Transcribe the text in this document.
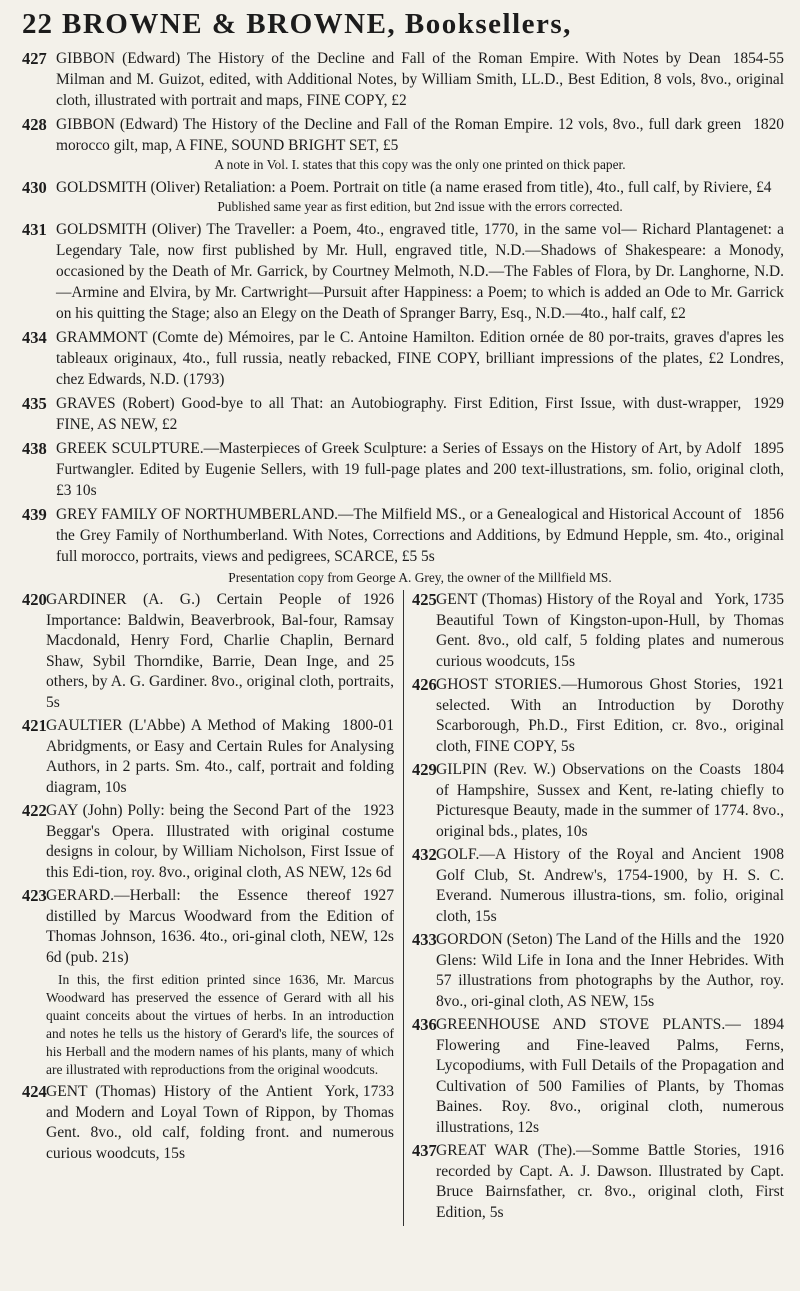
22 BROWNE & BROWNE, Booksellers,
427	1854-55
GIBBON (Edward) The History of the Decline and Fall of the Roman Empire. With Notes by Dean Milman and M. Guizot, edited, with Additional Notes, by William Smith, LL.D., Best Edition, 8 vols, 8vo., original cloth, illustrated with portrait and maps, FINE COPY, £2
428	1820
GIBBON (Edward) The History of the Decline and Fall of the Roman Empire. 12 vols, 8vo., full dark green morocco gilt, map, A FINE, SOUND BRIGHT SET, £5
A note in Vol. I. states that this copy was the only one printed on thick paper.
430 GOLDSMITH (Oliver) Retaliation: a Poem. Portrait on title (a name erased from title), 4to., full calf, by Riviere, £4
Published same year as first edition, but 2nd issue with the errors corrected.
431 GOLDSMITH (Oliver) The Traveller: a Poem, 4to., engraved title, 1770, in the same vol— Richard Plantagenet: a Legendary Tale, now first published by Mr. Hull, engraved title, N.D.—Shadows of Shakespeare: a Monody, occasioned by the Death of Mr. Garrick, by Courtney Melmoth, N.D.—The Fables of Flora, by Dr. Langhorne, N.D.—Armine and Elvira, by Mr. Cartwright—Pursuit after Happiness: a Poem; to which is added an Ode to Mr. Garrick on his quitting the Stage; also an Elegy on the Death of Spranger Barry, Esq., N.D.—4to., half calf, £2
434 GRAMMONT (Comte de) Mémoires, par le C. Antoine Hamilton. Edition ornée de 80 por-traits, graves d'apres les tableaux originaux, 4to., full russia, neatly rebacked, FINE COPY, brilliant impressions of the plates, £2 Londres, chez Edwards, N.D. (1793)
435	1929
GRAVES (Robert) Good-bye to all That: an Autobiography. First Edition, First Issue, with dust-wrapper, FINE, AS NEW, £2
438	1895
GREEK SCULPTURE.—Masterpieces of Greek Sculpture: a Series of Essays on the History of Art, by Adolf Furtwangler. Edited by Eugenie Sellers, with 19 full-page plates and 200 text-illustrations, sm. folio, original cloth, £3 10s
439	1856
GREY FAMILY OF NORTHUMBERLAND.—The Milfield MS., or a Genealogical and Historical Account of the Grey Family of Northumberland. With Notes, Corrections and Additions, by Edmund Hepple, sm. 4to., original full morocco, portraits, views and pedigrees, SCARCE, £5 5s
Presentation copy from George A. Grey, the owner of the Millfield MS.
420	1926
GARDINER (A. G.) Certain People of Importance: Baldwin, Beaverbrook, Bal-four, Ramsay Macdonald, Henry Ford, Charlie Chaplin, Bernard Shaw, Sybil Thorndike, Barrie, Dean Inge, and 25 others, by A. G. Gardiner. 8vo., original cloth, portraits, 5s
421	1800-01
GAULTIER (L'Abbe) A Method of Making Abridgments, or Easy and Certain Rules for Analysing Authors, in 2 parts. Sm. 4to., calf, portrait and folding diagram, 10s
422	1923
GAY (John) Polly: being the Second Part of the Beggar's Opera. Illustrated with original costume designs in colour, by William Nicholson, First Issue of this Edi-tion, roy. 8vo., original cloth, AS NEW, 12s 6d
423	1927
GERARD.—Herball: the Essence thereof distilled by Marcus Woodward from the Edition of Thomas Johnson, 1636. 4to., ori-ginal cloth, NEW, 12s 6d (pub. 21s)
In this, the first edition printed since 1636, Mr. Marcus Woodward has preserved the essence of Gerard with all his quaint conceits about the virtues of herbs. In an introduction and notes he tells us the history of Gerard's life, the sources of his Herball and the modern names of his plants, many of which are illustrated with reproductions from the original woodcuts.
424	York, 1733
GENT (Thomas) History of the Antient and Modern and Loyal Town of Rippon, by Thomas Gent. 8vo., old calf, folding front. and numerous curious woodcuts, 15s
425	York, 1735
GENT (Thomas) History of the Royal and Beautiful Town of Kingston-upon-Hull, by Thomas Gent. 8vo., old calf, 5 folding plates and numerous curious woodcuts, 15s
426	1921
GHOST STORIES.—Humorous Ghost Stories, selected. With an Introduction by Dorothy Scarborough, Ph.D., First Edition, cr. 8vo., original cloth, FINE COPY, 5s
429	1804
GILPIN (Rev. W.) Observations on the Coasts of Hampshire, Sussex and Kent, re-lating chiefly to Picturesque Beauty, made in the summer of 1774. 8vo., original bds., plates, 10s
432	1908
GOLF.—A History of the Royal and Ancient Golf Club, St. Andrew's, 1754-1900, by H. S. C. Everand. Numerous illustra-tions, sm. folio, original cloth, 15s
433	1920
GORDON (Seton) The Land of the Hills and the Glens: Wild Life in Iona and the Inner Hebrides. With 57 illustrations from photographs by the Author, roy. 8vo., ori-ginal cloth, AS NEW, 15s
436	1894
GREENHOUSE AND STOVE PLANTS.—Flowering and Fine-leaved Palms, Ferns, Lycopodiums, with Full Details of the Propagation and Cultivation of 500 Families of Plants, by Thomas Baines. Roy. 8vo., original cloth, numerous illustrations, 12s
437	1916
GREAT WAR (The).—Somme Battle Stories, recorded by Capt. A. J. Dawson. Illustrated by Capt. Bruce Bairnsfather, cr. 8vo., original cloth, First Edition, 5s
